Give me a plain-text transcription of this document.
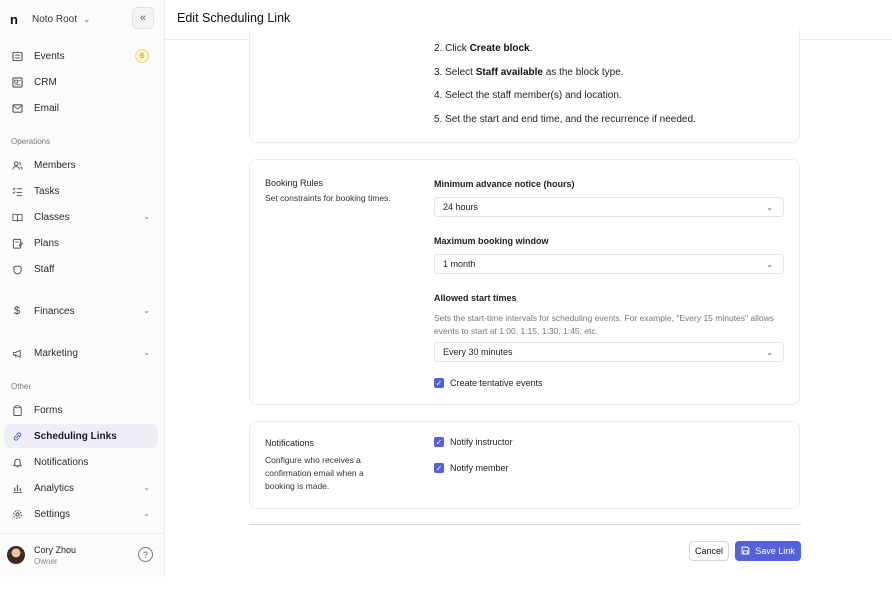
n	Noto Root ⌄	«
Events	6
CRM
Email
Operations
Members
Tasks
Classes	⌄
Plans
Staff
$ Finances	⌄
Marketing	⌄
Other
Forms
Scheduling Links
Notifications
Analytics	⌄
Settings	⌄
Cory Zhou
Owner
?
Edit Scheduling Link
2. Click Create block.
3. Select Staff available as the block type.
4. Select the staff member(s) and location.
5. Set the start and end time, and the recurrence if needed.
Booking Rules
Set constraints for booking times.
Minimum advance notice (hours)
24 hours	⌄
Maximum booking window
1 month	⌄
Allowed start times
Sets the start-time intervals for scheduling events. For example, "Every 15 minutes" allows events to start at 1:00, 1:15, 1:30, 1:45, etc.
Every 30 minutes	⌄
✓ Create tentative events
Notifications
Configure who receives a confirmation email when a booking is made.
✓ Notify instructor
✓ Notify member
Cancel	Save Link
